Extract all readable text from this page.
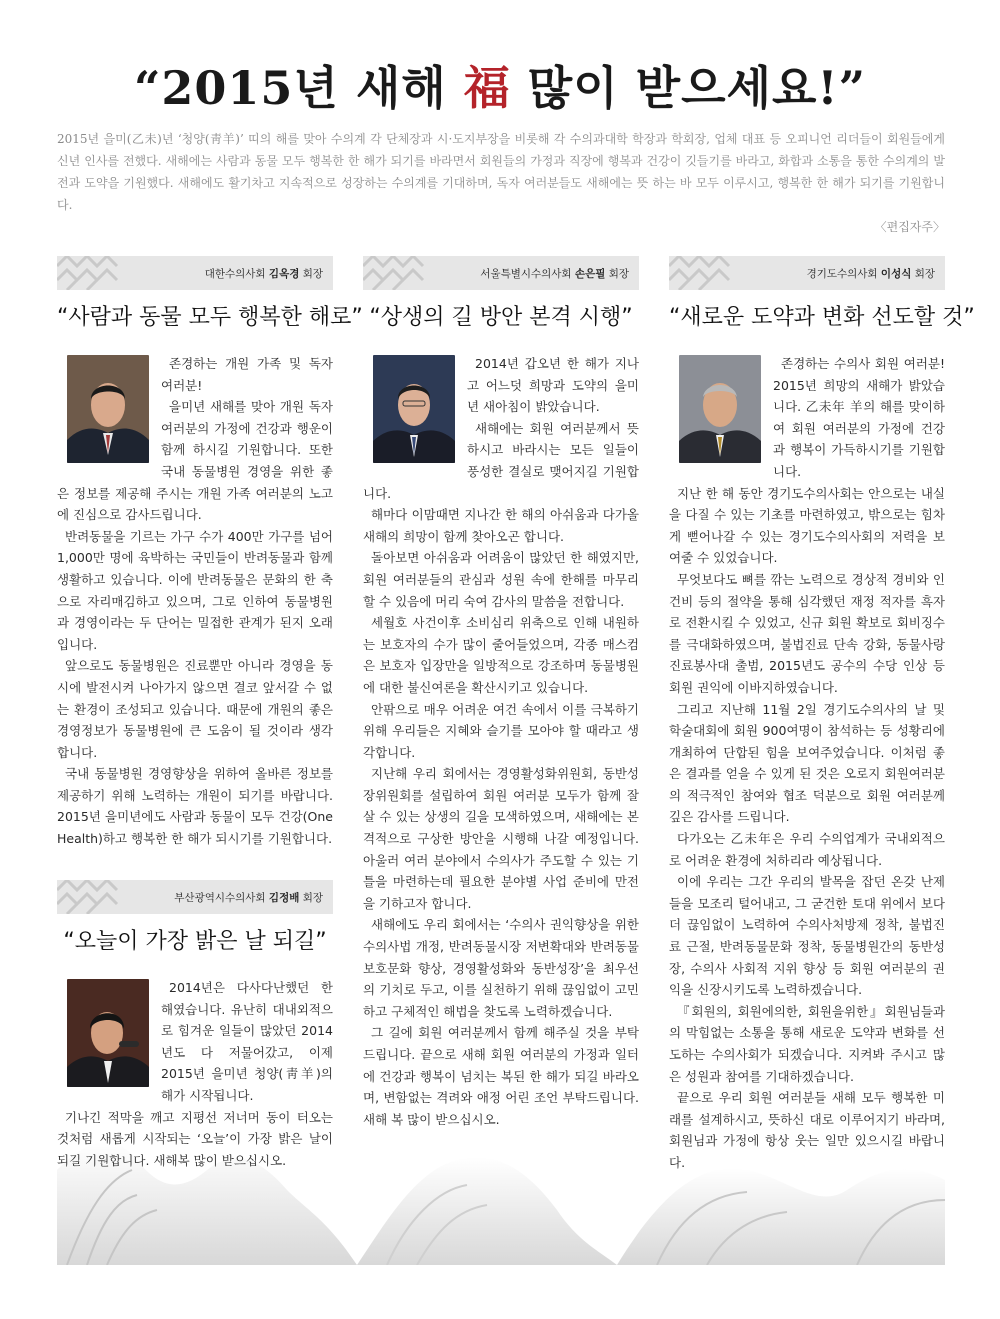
“2015년 새해 福 많이 받으세요!”
2015년 을미(乙未)년 ‘청양(靑羊)’ 띠의 해를 맞아 수의계 각 단체장과 시·도지부장을 비롯해 각 수의과대학 학장과 학회장, 업체 대표 등 오피니언 리더들이 회원들에게 신년 인사를 전했다. 새해에는 사람과 동물 모두 행복한 한 해가 되기를 바라면서 회원들의 가정과 직장에 행복과 건강이 깃들기를 바라고, 화합과 소통을 통한 수의계의 발전과 도약을 기원했다. 새해에도 활기차고 지속적으로 성장하는 수의계를 기대하며, 독자 여러분들도 새해에는 뜻 하는 바 모두 이루시고, 행복한 한 해가 되기를 기원합니다.
〈편집자주〉
대한수의사회 김옥경 회장
“사람과 동물 모두 행복한 해로”

존경하는 개원 가족 및 독자 여러분!

을미년 새해를 맞아 개원 독자 여러분의 가정에 건강과 행운이 함께 하시길 기원합니다. 또한 국내 동물병원 경영을 위한 좋은 정보를 제공해 주시는 개원 가족 여러분의 노고에 진심으로 감사드립니다.

반려동물을 기르는 가구 수가 400만 가구를 넘어 1,000만 명에 육박하는 국민들이 반려동물과 함께 생활하고 있습니다. 이에 반려동물은 문화의 한 축으로 자리매김하고 있으며, 그로 인하여 동물병원과 경영이라는 두 단어는 밀접한 관계가 된지 오래입니다.

앞으로도 동물병원은 진료뿐만 아니라 경영을 동시에 발전시켜 나아가지 않으면 결코 앞서갈 수 없는 환경이 조성되고 있습니다. 때문에 개원의 좋은 경영정보가 동물병원에 큰 도움이 될 것이라 생각합니다.

국내 동물병원 경영향상을 위하여 올바른 정보를 제공하기 위해 노력하는 개원이 되기를 바랍니다. 2015년 을미년에도 사람과 동물이 모두 건강(One Health)하고 행복한 한 해가 되시기를 기원합니다.

부산광역시수의사회 김정배 회장
“오늘이 가장 밝은 날 되길”

2014년은 다사다난했던 한 해였습니다. 유난히 대내외적으로 힘겨운 일들이 많았던 2014년도 다 저물어갔고, 이제 2015년 을미년 청양(靑羊)의 해가 시작됩니다.

기나긴 적막을 깨고 지평선 저너머 동이 터오는 것처럼 새롭게 시작되는 ‘오늘’이 가장 밝은 날이 되길 기원합니다. 새해복 많이 받으십시오.

서울특별시수의사회 손은필 회장
“상생의 길 방안 본격 시행”

2014년 갑오년 한 해가 지나고 어느덧 희망과 도약의 을미년 새아침이 밝았습니다.

새해에는 회원 여러분께서 뜻하시고 바라시는 모든 일들이 풍성한 결실로 맺어지길 기원합니다.

해마다 이맘때면 지나간 한 해의 아쉬움과 다가올 새해의 희망이 함께 찾아오곤 합니다.

돌아보면 아쉬움과 어려움이 많았던 한 해였지만, 회원 여러분들의 관심과 성원 속에 한해를 마무리할 수 있음에 머리 숙여 감사의 말씀을 전합니다.

세월호 사건이후 소비심리 위축으로 인해 내원하는 보호자의 수가 많이 줄어들었으며, 각종 매스컴은 보호자 입장만을 일방적으로 강조하며 동물병원에 대한 불신여론을 확산시키고 있습니다.

안팎으로 매우 어려운 여건 속에서 이를 극복하기 위해 우리들은 지혜와 슬기를 모아야 할 때라고 생각합니다.

지난해 우리 회에서는 경영활성화위원회, 동반성장위원회를 설립하여 회원 여러분 모두가 함께 잘 살 수 있는 상생의 길을 모색하였으며, 새해에는 본격적으로 구상한 방안을 시행해 나갈 예정입니다. 아울러 여러 분야에서 수의사가 주도할 수 있는 기틀을 마련하는데 필요한 분야별 사업 준비에 만전을 기하고자 합니다.

새해에도 우리 회에서는 ‘수의사 권익향상을 위한 수의사법 개정, 반려동물시장 저변확대와 반려동물 보호문화 향상, 경영활성화와 동반성장’을 최우선의 기치로 두고, 이를 실천하기 위해 끊임없이 고민하고 구체적인 해법을 찾도록 노력하겠습니다.

그 길에 회원 여러분께서 함께 해주실 것을 부탁드립니다. 끝으로 새해 회원 여러분의 가정과 일터에 건강과 행복이 넘치는 복된 한 해가 되길 바라오며, 변함없는 격려와 애정 어린 조언 부탁드립니다. 새해 복 많이 받으십시오.

경기도수의사회 이성식 회장
“새로운 도약과 변화 선도할 것”

존경하는 수의사 회원 여러분! 2015년 희망의 새해가 밝았습니다. 乙未年 羊의 해를 맞이하여 회원 여러분의 가정에 건강과 행복이 가득하시기를 기원합니다.

지난 한 해 동안 경기도수의사회는 안으로는 내실을 다질 수 있는 기초를 마련하였고, 밖으로는 힘차게 뻗어나갈 수 있는 경기도수의사회의 저력을 보여줄 수 있었습니다.

무엇보다도 뼈를 깎는 노력으로 경상적 경비와 인건비 등의 절약을 통해 심각했던 재정 적자를 흑자로 전환시킬 수 있었고, 신규 회원 확보로 회비징수를 극대화하였으며, 불법진료 단속 강화, 동물사랑 진료봉사대 출범, 2015년도 공수의 수당 인상 등 회원 권익에 이바지하였습니다.

그리고 지난해 11월 2일 경기도수의사의 날 및 학술대회에 회원 900여명이 참석하는 등 성황리에 개최하여 단합된 힘을 보여주었습니다. 이처럼 좋은 결과를 얻을 수 있게 된 것은 오로지 회원여러분의 적극적인 참여와 협조 덕분으로 회원 여러분께 깊은 감사를 드립니다.

다가오는 乙未年은 우리 수의업계가 국내외적으로 어려운 환경에 처하리라 예상됩니다.

이에 우리는 그간 우리의 발목을 잡던 온갖 난제들을 모조리 털어내고, 그 굳건한 토대 위에서 보다 더 끊임없이 노력하여 수의사처방제 정착, 불법진료 근절, 반려동물문화 정착, 동물병원간의 동반성장, 수의사 사회적 지위 향상 등 회원 여러분의 권익을 신장시키도록 노력하겠습니다.

『회원의, 회원에의한, 회원을위한』회원님들과의 막힘없는 소통을 통해 새로운 도약과 변화를 선도하는 수의사회가 되겠습니다. 지켜봐 주시고 많은 성원과 참여를 기대하겠습니다.

끝으로 우리 회원 여러분들 새해 모두 행복한 미래를 설계하시고, 뜻하신 대로 이루어지기 바라며, 회원님과 가정에 항상 웃는 일만 있으시길 바랍니다.
